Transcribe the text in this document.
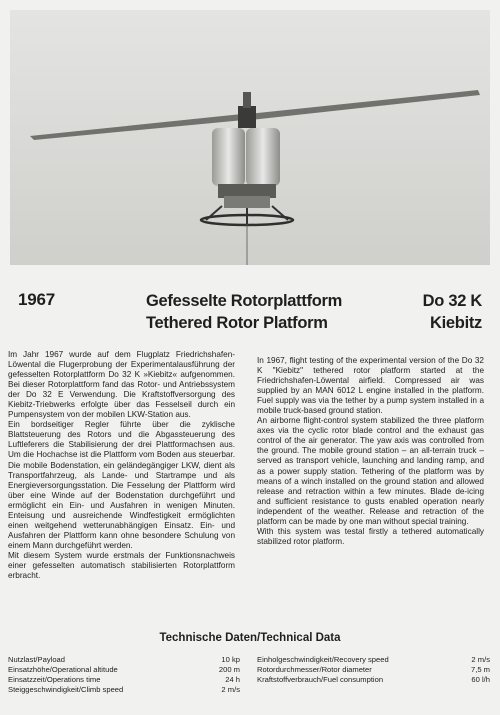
1967	Gefesselte Rotorplattform
Tethered Rotor Platform
Do 32 K
Kiebitz

Im Jahr 1967 wurde auf dem Flugplatz Friedrichshafen-Löwental die Flugerprobung der Experimentalausführung der gefesselten Rotorplattform Do 32 K »Kiebitz« aufgenommen. Bei dieser Rotorplattform fand das Rotor- und Antriebssystem der Do 32 E Verwendung. Die Kraftstoffversorgung des Kiebitz-Triebwerks erfolgte über das Fesselseil durch ein Pumpensystem von der mobilen LKW-Station aus.

Ein bordseitiger Regler führte über die zyklische Blattsteuerung des Rotors und die Abgassteuerung des Luftleferers die Stabilisierung der drei Plattformachsen aus. Um die Hochachse ist die Plattform vom Boden aus steuerbar. Die mobile Bodenstation, ein geländegängiger LKW, dient als Transportfahrzeug, als Lande- und Startrampe und als Energieversorgungsstation. Die Fesselung der Plattform wird über eine Winde auf der Bodenstation durchgeführt und ermöglicht ein Ein- und Ausfahren in wenigen Minuten. Enteisung und ausreichende Windfestigkeit ermöglichten einen weitgehend wetterunabhängigen Einsatz. Ein- und Ausfahren der Plattform kann ohne besondere Schulung von einem Mann durchgeführt werden.

Mit diesem System wurde erstmals der Funktionsnachweis einer gefesselten automatisch stabilisierten Rotorplattform erbracht.

In 1967, flight testing of the experimental version of the Do 32 K "Kiebitz" tethered rotor platform started at the Friedrichshafen-Löwental airfield. Compressed air was supplied by an MAN 6012 L engine installed in the platform. Fuel supply was via the tether by a pump system installed in a mobile truck-based ground station.

An airborne flight-control system stabilized the three platform axes via the cyclic rotor blade control and the exhaust gas control of the air generator. The yaw axis was controlled from the ground. The mobile ground station – an all-terrain truck – served as transport vehicle, launching and landing ramp, and as a power supply station. Tethering of the platform was by means of a winch installed on the ground station and allowed release and retraction within a few minutes. Blade de-icing and sufficient resistance to gusts enabled operation nearly independent of the weather. Release and retraction of the platform can be made by one man without special training.

With this system was testal firstly a tethered automatically stabilized rotor platform.

Technische Daten/Technical Data
Nutzlast/Payload	10 kp
Einsatzhöhe/Operational altitude	200 m
Einsatzzeit/Operations time	24 h
Steiggeschwindigkeit/Climb speed	2 m/s
Einholgeschwindigkeit/Recovery speed	2 m/s
Rotordurchmesser/Rotor diameter	7,5 m
Kraftstoffverbrauch/Fuel consumption	60 l/h
